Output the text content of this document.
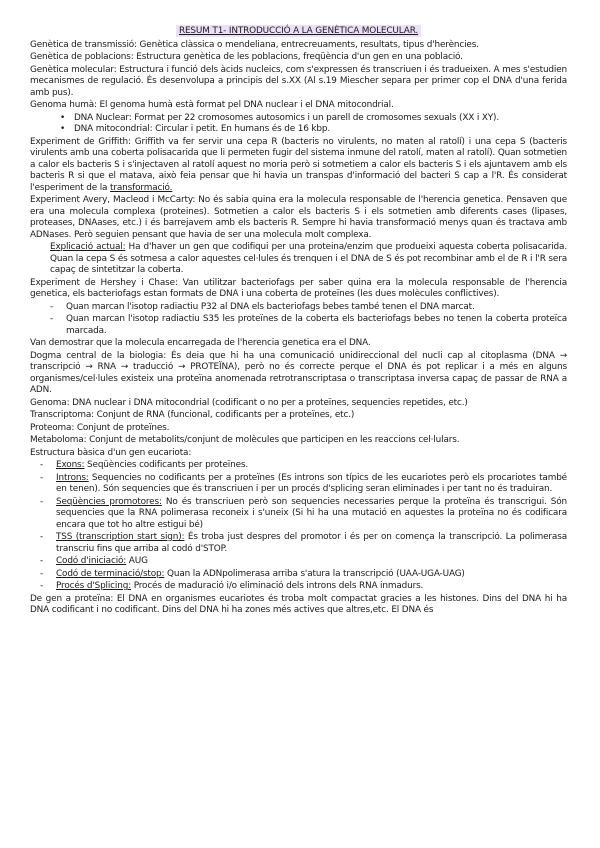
RESUM T1- INTRODUCCIÓ A LA GENÈTICA MOLECULAR.

Genètica de transmissió: Genètica clàssica o mendeliana, entrecreuaments, resultats, tipus d'herències.

Genètica de poblacions: Estructura genètica de les poblacions, freqüència d'un gen en una població.

Genètica molecular: Estructura i funció dels àcids nucleics, com s'expressen és transcriuen i és tradueixen. A mes s'estudien mecanismes de regulació. És desenvolupa a principis del s.XX (Al s.19 Miescher separa per primer cop el DNA d'una ferida amb pus).

Genoma humà: El genoma humà està format pel DNA nuclear i el DNA mitocondrial.

• DNA Nuclear: Format per 22 cromosomes autosomics i un parell de cromosomes sexuals (XX i XY).
• DNA mitocondrial: Circular i petit. En humans és de 16 kbp.

Experiment de Griffith: Griffith va fer servir una cepa R (bacteris no virulents, no maten al ratolí) i una cepa S (bacteris virulents amb una coberta polisacarida que li permeten fugir del sistema inmune del ratolí, maten al ratolí). Quan sotmetien a calor els bacteris S i s'injectaven al ratolí aquest no moria però si sotmetiem a calor els bacteris S i els ajuntavem amb els bacteris R si que el matava, això feia pensar que hi havia un transpas d'informació del bacteri S cap a l'R. És considerat l'esperiment de la transformació.

Experiment Avery, Macleod i McCarty: No és sabia quina era la molecula responsable de l'herencia genetica. Pensaven que era una molecula complexa (proteines). Sotmetien a calor els bacteris S i els sotmetien amb diferents cases (lipases, proteases, DNAases, etc.) i és barrejavem amb els bacteris R. Sempre hi havia transformació menys quan és tractava amb ADNases. Però seguien pensant que havia de ser una molecula molt complexa.

Explicació actual: Ha d'haver un gen que codifiqui per una proteina/enzim que produeixi aquesta coberta polisacarida. Quan la cepa S és sotmesa a calor aquestes cel·lules és trenquen i el DNA de S és pot recombinar amb el de R i l'R sera capaç de sintetitzar la coberta.

Experiment de Hershey i Chase: Van utilitzar bacteriofags per saber quina era la molecula responsable de l'herencia genetica, els bacteriofags estan formats de DNA i una coberta de proteïnes (les dues molècules conflictives).

- Quan marcan l'isotop radiactiu P32 al DNA els bacteriofags bebes també tenen el DNA marcat.
- Quan marcan l'isotop radiactiu S35 les proteïnes de la coberta els bacteriofags bebes no tenen la coberta proteïca marcada.

Van demostrar que la molecula encarregada de l'herencia genetica era el DNA.

Dogma central de la biologia: És deia que hi ha una comunicació unidireccional del nucli cap al citoplasma (DNA → transcripció → RNA → traducció → PROTEÏNA), però no és correcte perque el DNA és pot replicar i a més en alguns organismes/cel·lules existeix una proteïna anomenada retrotranscriptasa o transcriptasa inversa capaç de passar de RNA a ADN.

Genoma: DNA nuclear i DNA mitocondrial (codificant o no per a proteïnes, sequencies repetides, etc.)

Transcriptoma: Conjunt de RNA (funcional, codificants per a proteïnes, etc.)

Proteoma: Conjunt de proteïnes.

Metaboloma: Conjunt de metabolits/conjunt de molècules que participen en les reaccions cel·lulars.

Estructura bàsica d'un gen eucariota:

- Exons: Seqüències codificants per proteïnes.
- Introns: Sequencies no codificants per a proteïnes (Es introns son típics de les eucariotes però els procariotes també en tenen). Són sequencies que és transcriuen i per un procés d'splicing seran eliminades i per tant no és traduiran.
- Seqüències promotores: No és transcriuen però son sequencies necessaries perque la proteïna és transcrigui. Són sequencies que la RNA polimerasa reconeix i s'uneix (Si hi ha una mutació en aquestes la proteïna no és codificara encara que tot ho altre estigui bé)
- TSS (transcription start sign): És troba just despres del promotor i és per on comença la transcripció. La polimerasa transcriu fins que arriba al codó d'STOP.
- Codó d'iniciació: AUG
- Codó de terminació/stop: Quan la ADNpolimerasa arriba s'atura la transcripció (UAA-UGA-UAG)
- Procés d'Splicing: Procés de maduració i/o eliminació dels introns dels RNA inmadurs.

De gen a proteïna: El DNA en organismes eucariotes és troba molt compactat gracies a les histones. Dins del DNA hi ha DNA codificant i no codificant. Dins del DNA hi ha zones més actives que altres,etc. El DNA és
